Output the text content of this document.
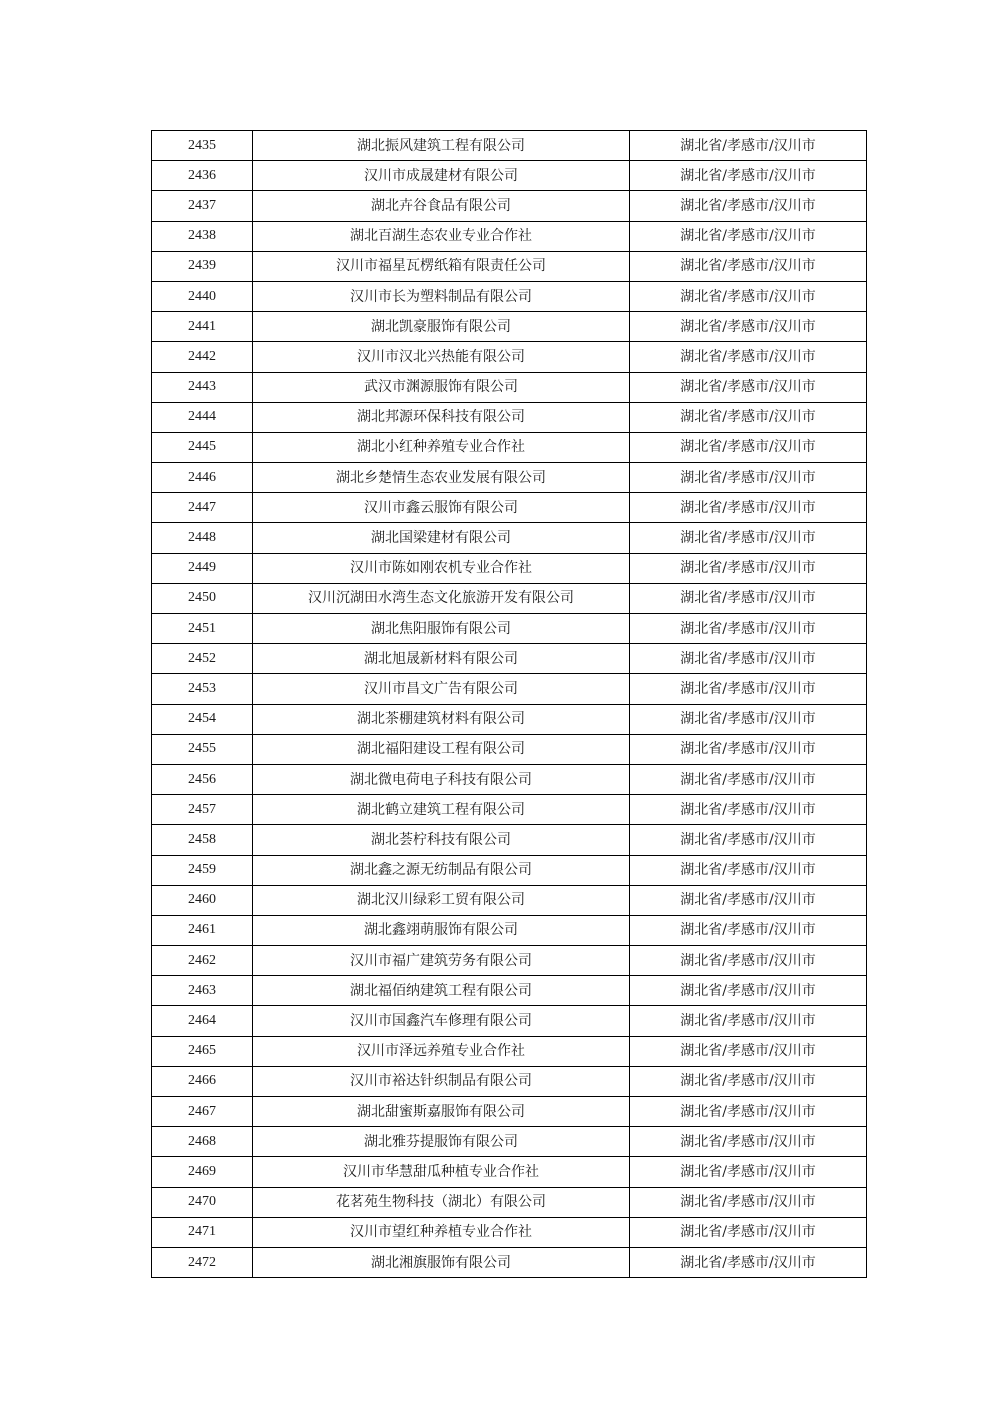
2435	湖北振风建筑工程有限公司	湖北省/孝感市/汉川市
2436	汉川市成晟建材有限公司	湖北省/孝感市/汉川市
2437	湖北卉谷食品有限公司	湖北省/孝感市/汉川市
2438	湖北百湖生态农业专业合作社	湖北省/孝感市/汉川市
2439	汉川市福星瓦楞纸箱有限责任公司	湖北省/孝感市/汉川市
2440	汉川市长为塑料制品有限公司	湖北省/孝感市/汉川市
2441	湖北凯豪服饰有限公司	湖北省/孝感市/汉川市
2442	汉川市汉北兴热能有限公司	湖北省/孝感市/汉川市
2443	武汉市渊源服饰有限公司	湖北省/孝感市/汉川市
2444	湖北邦源环保科技有限公司	湖北省/孝感市/汉川市
2445	湖北小红种养殖专业合作社	湖北省/孝感市/汉川市
2446	湖北乡楚情生态农业发展有限公司	湖北省/孝感市/汉川市
2447	汉川市鑫云服饰有限公司	湖北省/孝感市/汉川市
2448	湖北国梁建材有限公司	湖北省/孝感市/汉川市
2449	汉川市陈如刚农机专业合作社	湖北省/孝感市/汉川市
2450	汉川沉湖田水湾生态文化旅游开发有限公司	湖北省/孝感市/汉川市
2451	湖北焦阳服饰有限公司	湖北省/孝感市/汉川市
2452	湖北旭晟新材料有限公司	湖北省/孝感市/汉川市
2453	汉川市昌文广告有限公司	湖北省/孝感市/汉川市
2454	湖北茶棚建筑材料有限公司	湖北省/孝感市/汉川市
2455	湖北福阳建设工程有限公司	湖北省/孝感市/汉川市
2456	湖北微电荷电子科技有限公司	湖北省/孝感市/汉川市
2457	湖北鹤立建筑工程有限公司	湖北省/孝感市/汉川市
2458	湖北荟柠科技有限公司	湖北省/孝感市/汉川市
2459	湖北鑫之源无纺制品有限公司	湖北省/孝感市/汉川市
2460	湖北汉川绿彩工贸有限公司	湖北省/孝感市/汉川市
2461	湖北鑫翊萌服饰有限公司	湖北省/孝感市/汉川市
2462	汉川市福广建筑劳务有限公司	湖北省/孝感市/汉川市
2463	湖北福佰纳建筑工程有限公司	湖北省/孝感市/汉川市
2464	汉川市国鑫汽车修理有限公司	湖北省/孝感市/汉川市
2465	汉川市泽远养殖专业合作社	湖北省/孝感市/汉川市
2466	汉川市裕达针织制品有限公司	湖北省/孝感市/汉川市
2467	湖北甜蜜斯嘉服饰有限公司	湖北省/孝感市/汉川市
2468	湖北雅芬提服饰有限公司	湖北省/孝感市/汉川市
2469	汉川市华慧甜瓜种植专业合作社	湖北省/孝感市/汉川市
2470	花茗苑生物科技（湖北）有限公司	湖北省/孝感市/汉川市
2471	汉川市望红种养植专业合作社	湖北省/孝感市/汉川市
2472	湖北湘旗服饰有限公司	湖北省/孝感市/汉川市
